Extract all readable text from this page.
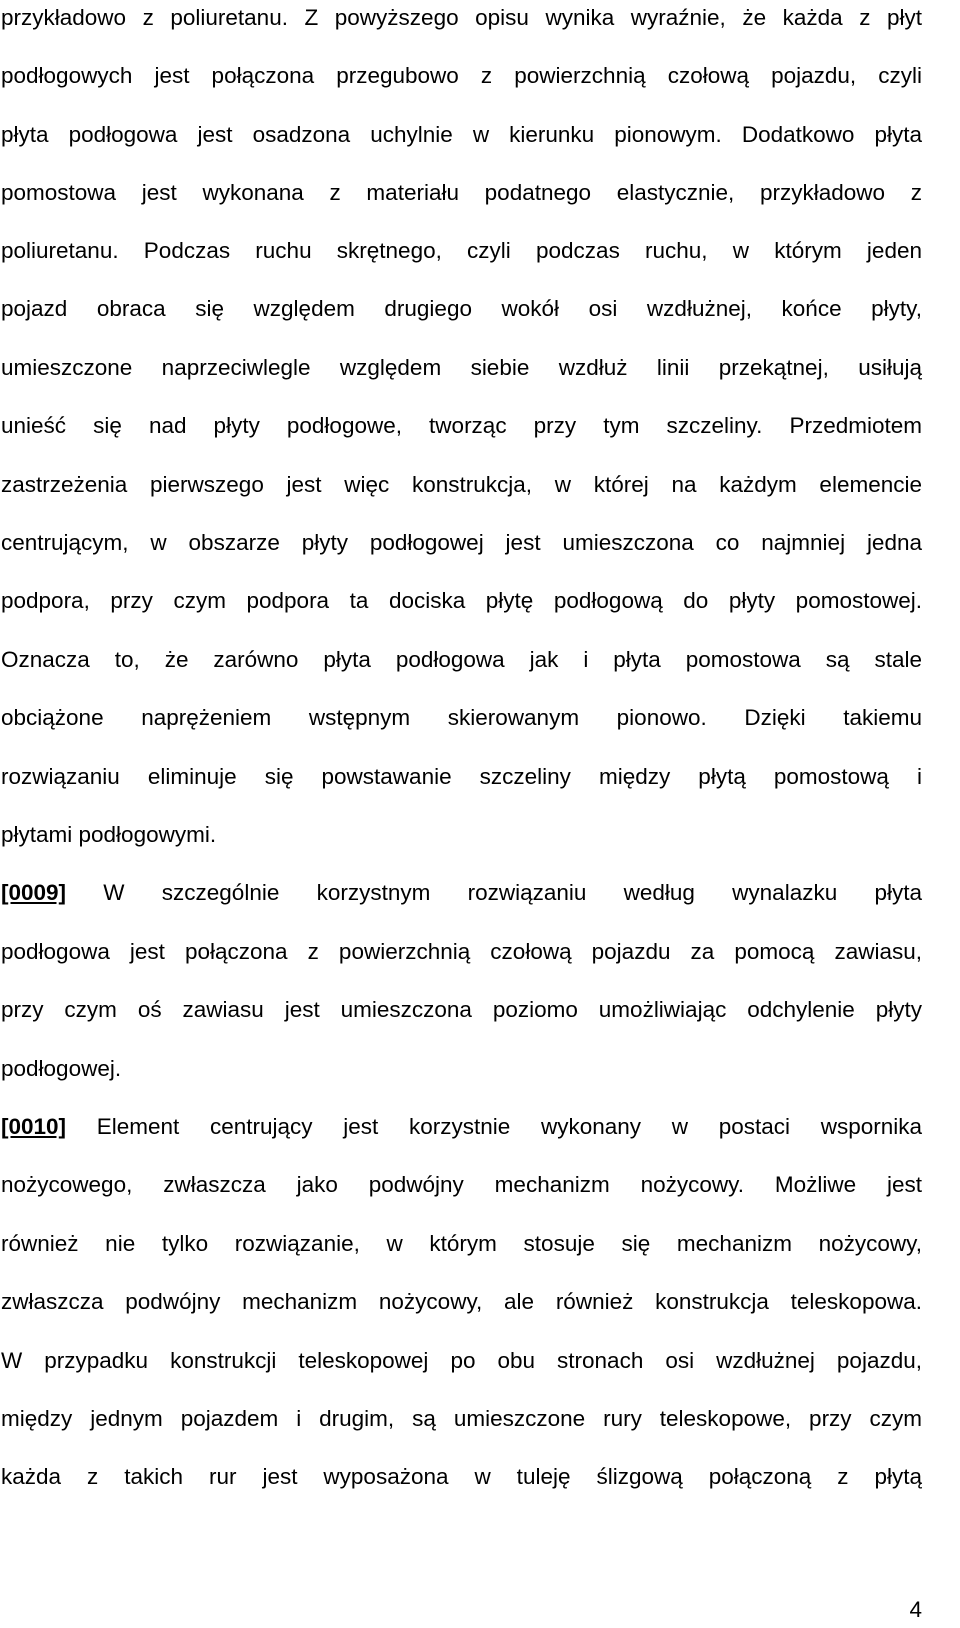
przykładowo z poliuretanu. Z powyższego opisu wynika wyraźnie, że każda z płyt
podłogowych jest połączona przegubowo z powierzchnią czołową pojazdu, czyli
płyta podłogowa jest osadzona uchylnie w kierunku pionowym. Dodatkowo płyta
pomostowa jest wykonana z materiału podatnego elastycznie, przykładowo z
poliuretanu. Podczas ruchu skrętnego, czyli podczas ruchu, w którym jeden
pojazd obraca się względem drugiego wokół osi wzdłużnej, końce płyty,
umieszczone naprzeciwlegle względem siebie wzdłuż linii przekątnej, usiłują
unieść się nad płyty podłogowe, tworząc przy tym szczeliny. Przedmiotem
zastrzeżenia pierwszego jest więc konstrukcja, w której na każdym elemencie
centrującym, w obszarze płyty podłogowej jest umieszczona co najmniej jedna
podpora, przy czym podpora ta dociska płytę podłogową do płyty pomostowej.
Oznacza to, że zarówno płyta podłogowa jak i płyta pomostowa są stale
obciążone naprężeniem wstępnym skierowanym pionowo. Dzięki takiemu
rozwiązaniu eliminuje się powstawanie szczeliny między płytą pomostową i
płytami podłogowymi.
[0009] W szczególnie korzystnym rozwiązaniu według wynalazku płyta
podłogowa jest połączona z powierzchnią czołową pojazdu za pomocą zawiasu,
przy czym oś zawiasu jest umieszczona poziomo umożliwiając odchylenie płyty
podłogowej.
[0010] Element centrujący jest korzystnie wykonany w postaci wspornika
nożycowego, zwłaszcza jako podwójny mechanizm nożycowy. Możliwe jest
również nie tylko rozwiązanie, w którym stosuje się mechanizm nożycowy,
zwłaszcza podwójny mechanizm nożycowy, ale również konstrukcja teleskopowa.
W przypadku konstrukcji teleskopowej po obu stronach osi wzdłużnej pojazdu,
między jednym pojazdem i drugim, są umieszczone rury teleskopowe, przy czym
każda z takich rur jest wyposażona w tuleję ślizgową połączoną z płytą
4
